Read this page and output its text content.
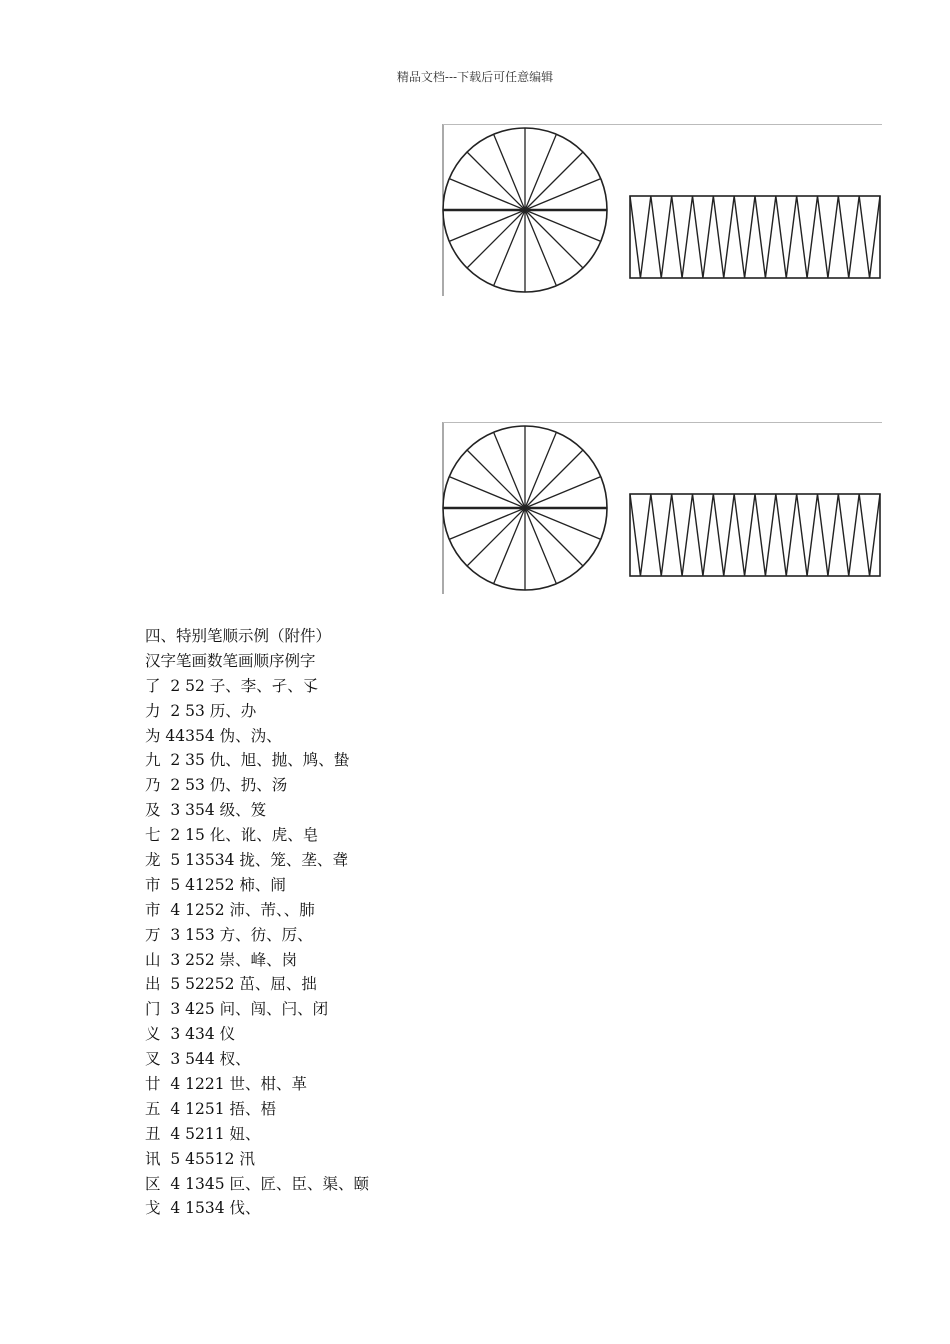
精品文档---下载后可任意编辑
四、特别笔顺示例（附件）
汉字笔画数笔画顺序例字
了  2 52 子、李、孑、孓
力  2 53 历、办
为 44354 伪、沩、
九  2 35 仇、旭、抛、鸠、蛰
乃  2 53 仍、扔、汤
及  3 354 级、笈
七  2 15 化、讹、虎、皂
龙  5 13534 拢、笼、垄、聋
市  5 41252 柿、闹
市  4 1252 沛、芾、、肺
万  3 153 方、彷、厉、
山  3 252 崇、峰、岗
出  5 52252 茁、屈、拙
门  3 425 问、闯、闩、闭
义  3 434 仪
叉  3 544 杈、
廿  4 1221 世、柑、革
五  4 1251 捂、梧
丑  4 5211 妞、
讯  5 45512 汛
区  4 1345 叵、匠、臣、渠、颐
戈  4 1534 伐、
